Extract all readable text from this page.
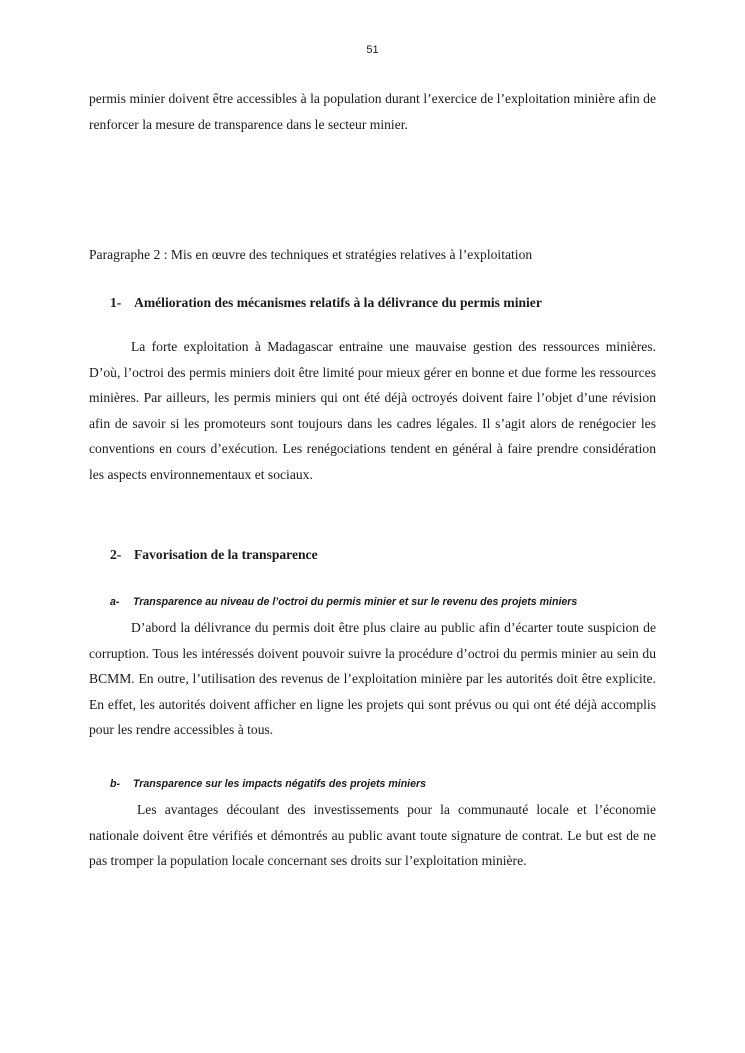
51
permis minier doivent être accessibles à la population durant l’exercice de l’exploitation minière afin de renforcer la mesure de transparence dans le secteur minier.
Paragraphe 2 : Mis en œuvre des techniques et stratégies relatives à l’exploitation
1- Amélioration des mécanismes relatifs à la délivrance du permis minier
La forte exploitation à Madagascar entraine une mauvaise gestion des ressources minières. D’où, l’octroi des permis miniers doit être limité pour mieux gérer en bonne et due forme les ressources minières. Par ailleurs, les permis miniers qui ont été déjà octroyés doivent faire l’objet d’une révision afin de savoir si les promoteurs sont toujours dans les cadres légales. Il s’agit alors de renégocier les conventions en cours d’exécution. Les renégociations tendent en général à faire prendre considération les aspects environnementaux et sociaux.
2- Favorisation de la transparence
a- Transparence au niveau de l’octroi du permis minier et sur le revenu des projets miniers
D’abord la délivrance du permis doit être plus claire au public afin d’écarter toute suspicion de corruption. Tous les intéressés doivent pouvoir suivre la procédure d’octroi du permis minier au sein du BCMM. En outre, l’utilisation des revenus de l’exploitation minière par les autorités doit être explicite. En effet, les autorités doivent afficher en ligne les projets qui sont prévus ou qui ont été déjà accomplis pour les rendre accessibles à tous.
b- Transparence sur les impacts négatifs des projets miniers
Les avantages découlant des investissements pour la communauté locale et l’économie nationale doivent être vérifiés et démontrés au public avant toute signature de contrat. Le but est de ne pas tromper la population locale concernant ses droits sur l’exploitation minière.
